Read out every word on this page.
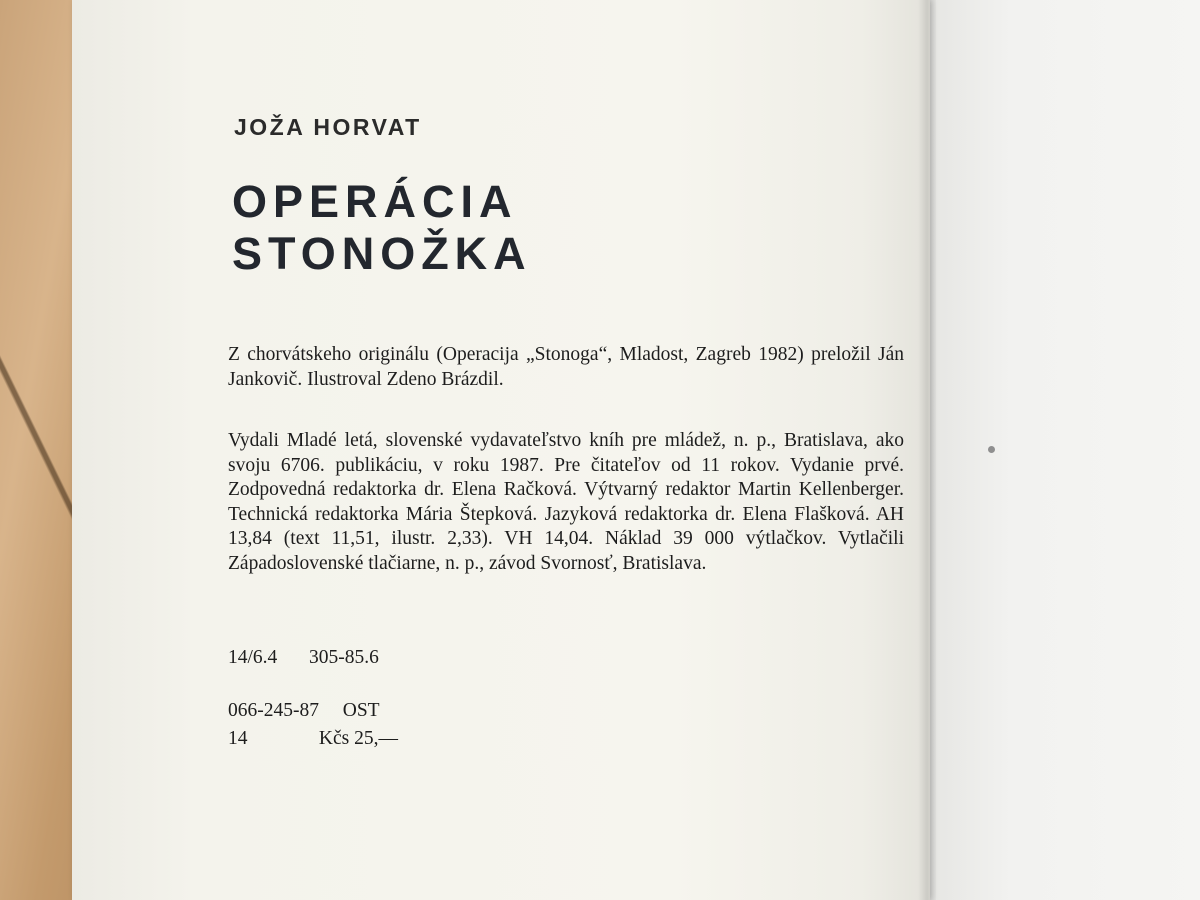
JOŽA HORVAT
OPERÁCIA
STONOŽKA
Z chorvátskeho originálu (Operacija „Stonoga“, Mladost, Zagreb 1982) preložil Ján Jankovič. Ilustroval Zdeno Brázdil.
Vydali Mladé letá, slovenské vydavateľstvo kníh pre mládež, n. p., Bratislava, ako svoju 6706. publikáciu, v roku 1987. Pre čitateľov od 11 rokov. Vydanie prvé. Zodpovedná redaktorka dr. Elena Račková. Výtvarný redaktor Martin Kellenberger. Technická redaktorka Mária Štepková. Jazyková redaktorka dr. Elena Flašková. AH 13,84 (text 11,51, ilustr. 2,33). VH 14,04. Náklad 39 000 výtlačkov. Vytlačili Západoslovenské tlačiarne, n. p., závod Svornosť, Bratislava.
14/6.4 305-85.6
066-245-87 OST
14	Kčs 25,—
